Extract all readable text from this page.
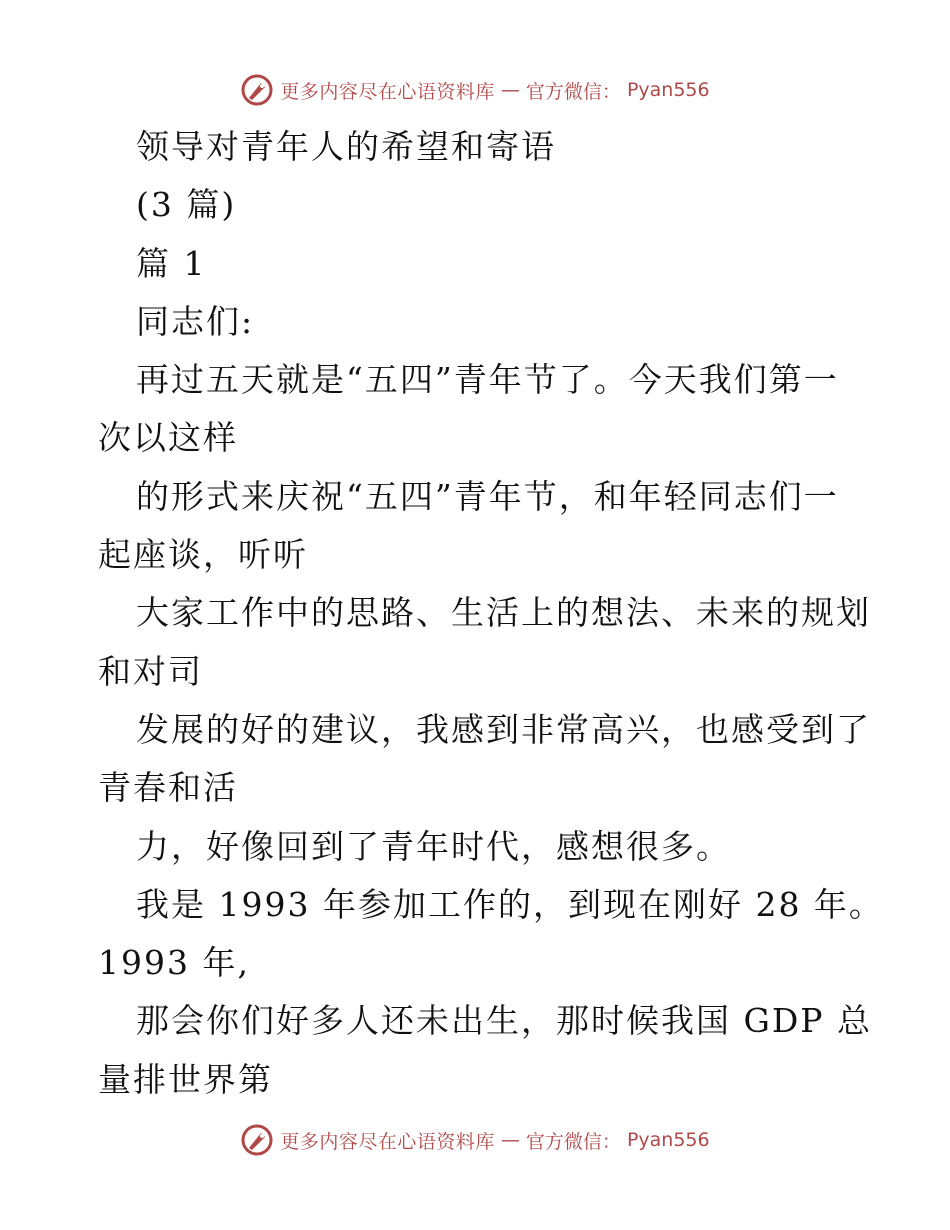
更多内容尽在心语资料库 — 官方微信： Pyan556
领导对青年人的希望和寄语
(3 篇)
篇 1
同志们:
再过五天就是“五四”青年节了。今天我们第一
次以这样
的形式来庆祝“五四”青年节，和年轻同志们一
起座谈，听听
大家工作中的思路、生活上的想法、未来的规划
和对司
发展的好的建议，我感到非常高兴，也感受到了
青春和活
力，好像回到了青年时代，感想很多。
我是 1993 年参加工作的，到现在刚好 28 年。
1993 年,
那会你们好多人还未出生，那时候我国 GDP 总
量排世界第
更多内容尽在心语资料库 — 官方微信： Pyan556
